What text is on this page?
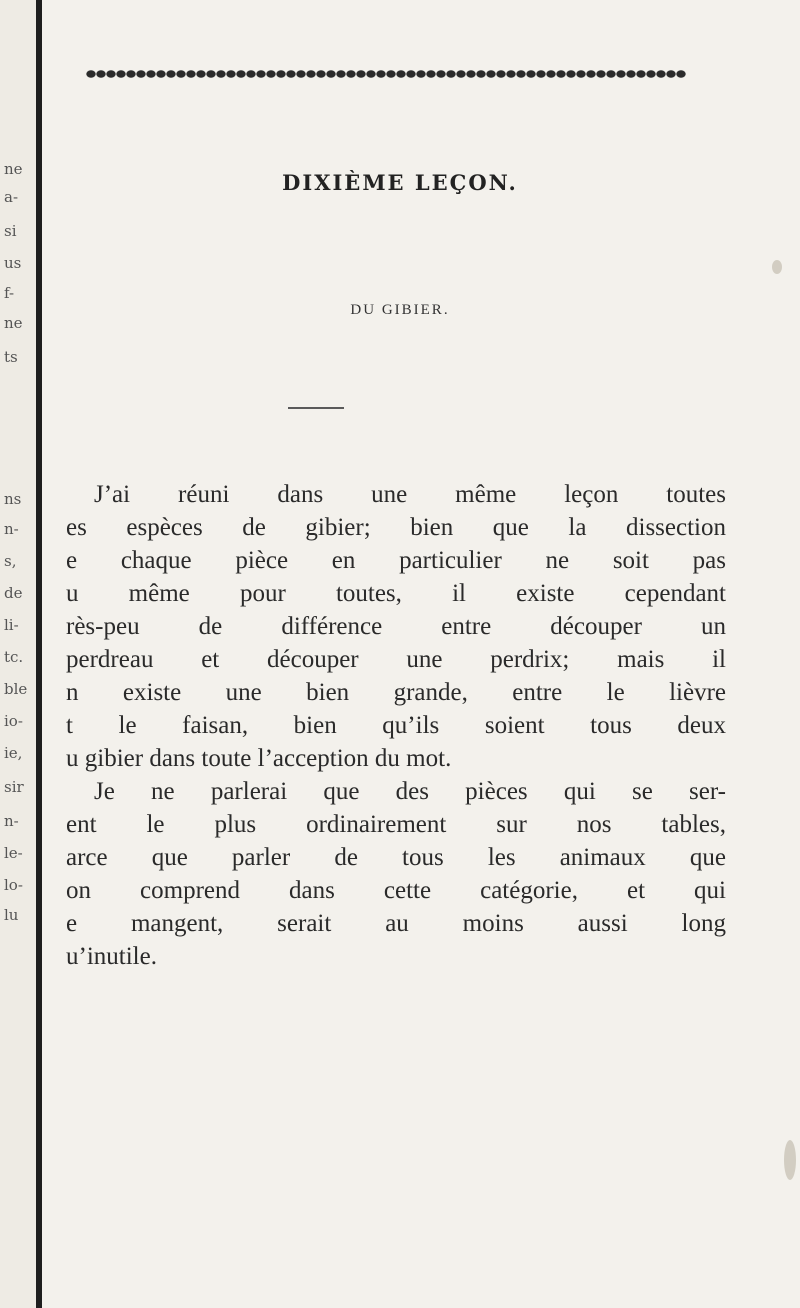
ne
a-
si
us
f-
ne
ts
ns
n-
s,
de
li-
tc.
ble
io-
ie,
sir
n-
le-
lo-
lu
DIXIÈME LEÇON.
DU GIBIER.
J’ai réuni dans une même leçon toutes
es espèces de gibier; bien que la dissection
e chaque pièce en particulier ne soit pas
u même pour toutes, il existe cependant
rès-peu de différence entre découper un
perdreau et découper une perdrix; mais il
n existe une bien grande, entre le lièvre
t le faisan, bien qu’ils soient tous deux
u gibier dans toute l’acception du mot.
Je ne parlerai que des pièces qui se ser-
ent le plus ordinairement sur nos tables,
arce que parler de tous les animaux que
on comprend dans cette catégorie, et qui
e mangent, serait au moins aussi long
u’inutile.
